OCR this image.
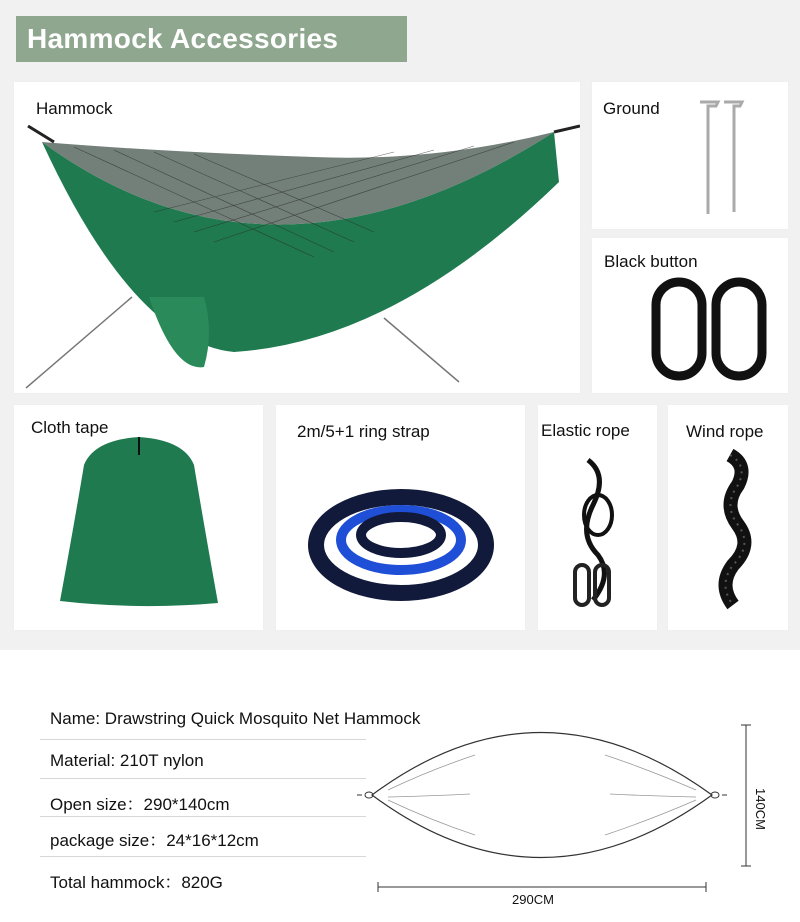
Hammock Accessories
Hammock	Ground
Black button
Cloth tape	2m/5+1 ring strap	Elastic rope	Wind rope
Name: Drawstring Quick Mosquito Net Hammock
Material: 210T nylon
Open size：290*140cm
package size：24*16*12cm
Total hammock：820G
290CM
140CM
